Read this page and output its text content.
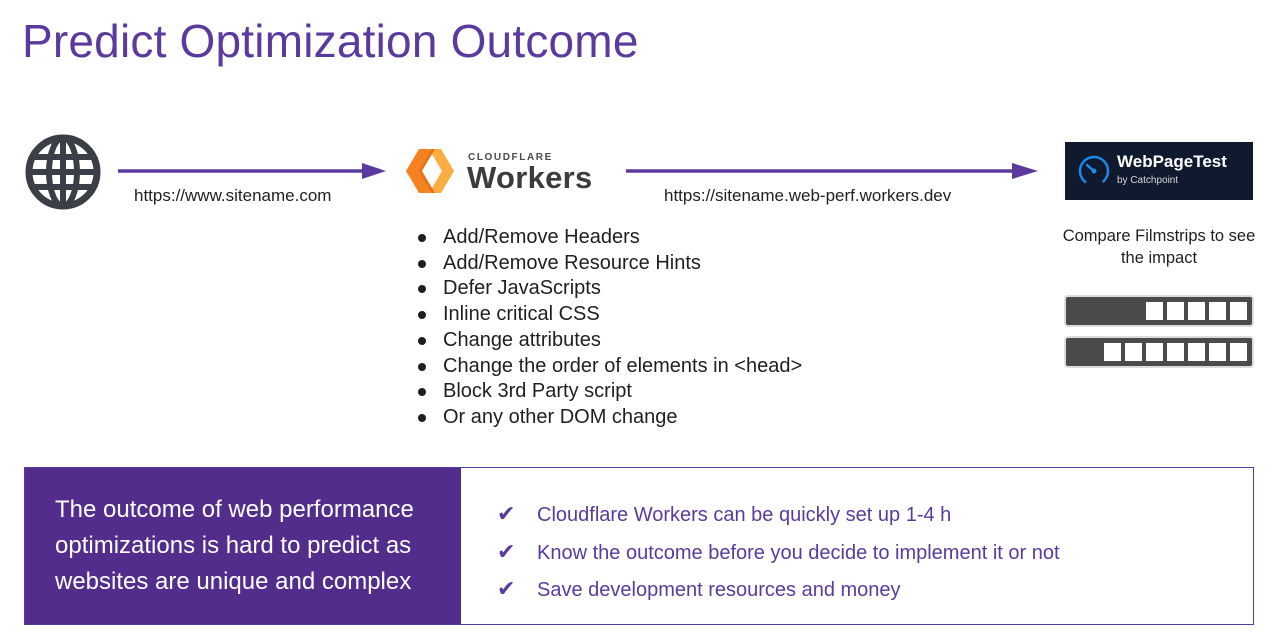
Predict Optimization Outcome
https://www.sitename.com
CLOUDFLARE
Workers
https://sitename.web-perf.workers.dev
Add/Remove Headers
Add/Remove Resource Hints
Defer JavaScripts
Inline critical CSS
Change attributes
Change the order of elements in <head>
Block 3rd Party script
Or any other DOM change
WebPageTest
by Catchpoint
Compare Filmstrips to see the impact
The outcome of web performance optimizations is hard to predict as websites are unique and complex
✔ Cloudflare Workers can be quickly set up 1-4 h
✔ Know the outcome before you decide to implement it or not
✔ Save development resources and money
